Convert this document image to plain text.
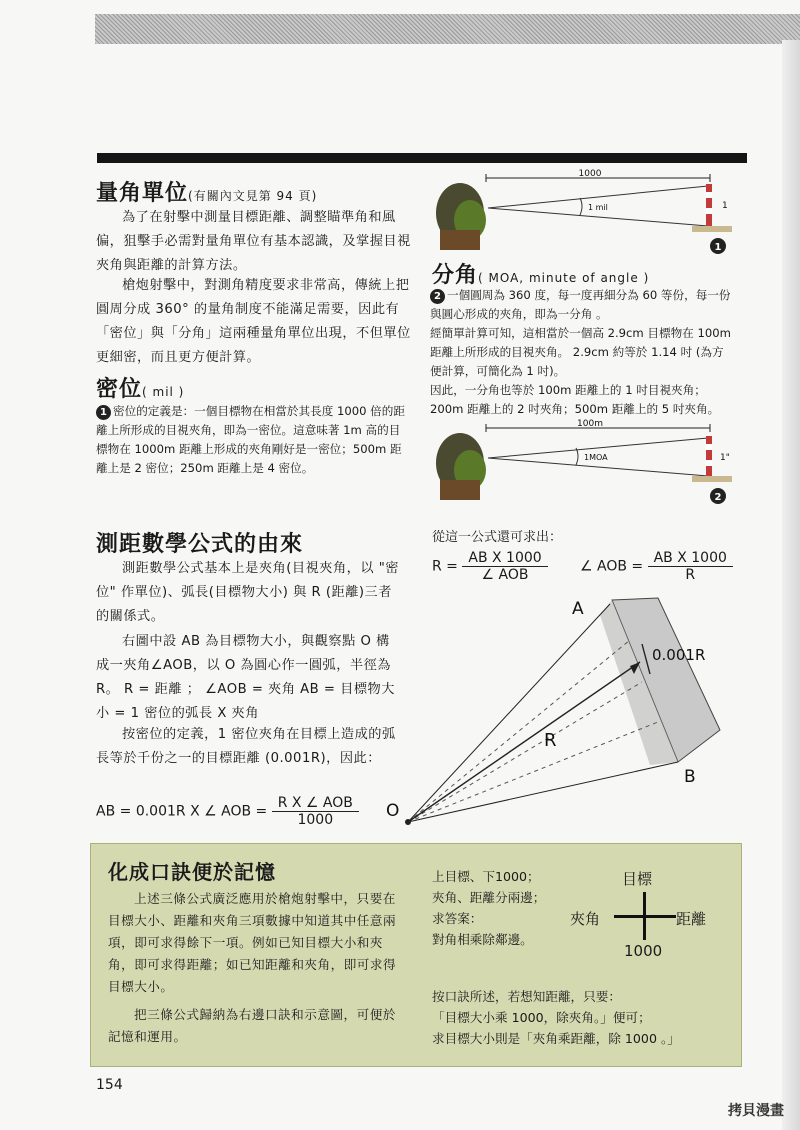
量角單位(有關內文見第 94 頁)
為了在射擊中測量目標距離、調整瞄準角和風偏，狙擊手必需對量角單位有基本認識，及掌握目視夾角與距離的計算方法。
槍炮射擊中，對測角精度要求非常高，傳統上把圓周分成 360° 的量角制度不能滿足需要，因此有「密位」與「分角」這兩種量角單位出現，不但單位更細密，而且更方便計算。
密位( mil )
1 密位的定義是：一個目標物在相當於其長度 1000 倍的距離上所形成的目視夾角，即為一密位。這意味著 1m 高的目標物在 1000m 距離上形成的夾角剛好是一密位；500m 距離上是 2 密位；250m 距離上是 4 密位。
1000
1 mil	1
1
分角( MOA, minute of angle )
2 一個圓周為 360 度，每一度再細分為 60 等份，每一份與圓心形成的夾角，即為一分角 。
經簡單計算可知，這相當於一個高 2.9cm 目標物在 100m 距離上所形成的目視夾角。 2.9cm 約等於 1.14 吋 (為方便計算，可簡化為 1 吋)。
因此，一分角也等於 100m 距離上的 1 吋目視夾角；200m 距離上的 2 吋夾角；500m 距離上的 5 吋夾角。
100m
1MOA	1"
2
測距數學公式的由來
測距數學公式基本上是夾角(目視夾角，以 "密位" 作單位)、弧長(目標物大小) 與 R (距離)三者的關係式。
右圖中設 AB 為目標物大小，與觀察點 O 構成一夾角∠AOB，以 O 為圓心作一圓弧，半徑為 R。 R = 距離 ； ∠AOB = 夾角 AB = 目標物大小 = 1 密位的弧長 X 夾角
按密位的定義，1 密位夾角在目標上造成的弧長等於千份之一的目標距離 (0.001R)，因此：
AB = 0.001R X ∠ AOB = $\frac{\text{R X ∠ AOB}}{1000}$
從這一公式還可求出：
$R = \frac{\text{AB X 1000}}{\text{∠ AOB}}$ ∠ AOB = $\frac{\text{AB X 1000}}{R}$
A
B
O
R
0.001R
化成口訣便於記憶
上述三條公式廣泛應用於槍炮射擊中，只要在目標大小、距離和夾角三項數據中知道其中任意兩項，即可求得餘下一項。例如已知目標大小和夾角，即可求得距離；如已知距離和夾角，即可求得目標大小。
把三條公式歸納為右邊口訣和示意圖，可便於記憶和運用。
上目標、下1000；
夾角、距離分兩邊；
求答案：
對角相乘除鄰邊。
目標
夾角	距離
1000
按口訣所述，若想知距離，只要：
「目標大小乘 1000，除夾角。」便可；
求目標大小則是「夾角乘距離，除 1000 。」
154
拷貝漫畫
